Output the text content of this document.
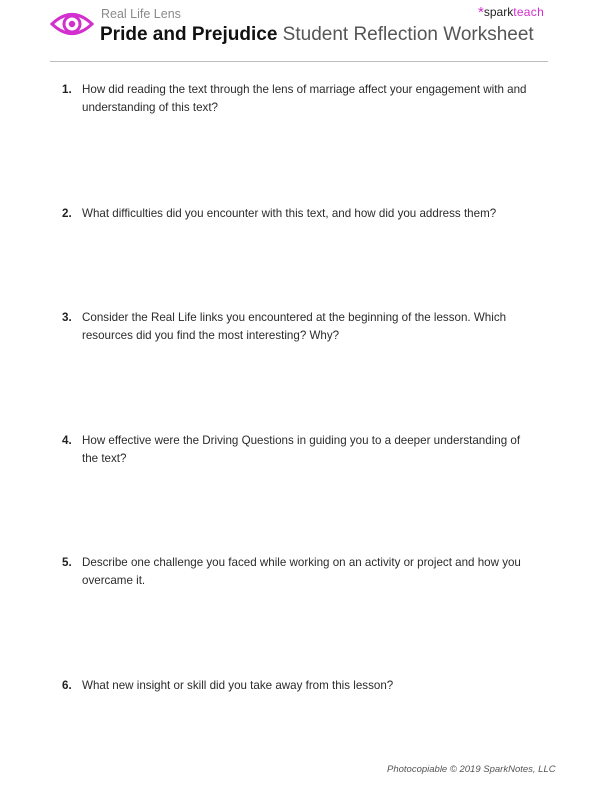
Real Life Lens
Pride and Prejudice Student Reflection Worksheet
*sparkteach
1. How did reading the text through the lens of marriage affect your engagement with and understanding of this text?
2. What difficulties did you encounter with this text, and how did you address them?
3. Consider the Real Life links you encountered at the beginning of the lesson. Which resources did you find the most interesting? Why?
4. How effective were the Driving Questions in guiding you to a deeper understanding of the text?
5. Describe one challenge you faced while working on an activity or project and how you overcame it.
6. What new insight or skill did you take away from this lesson?
Photocopiable © 2019 SparkNotes, LLC
